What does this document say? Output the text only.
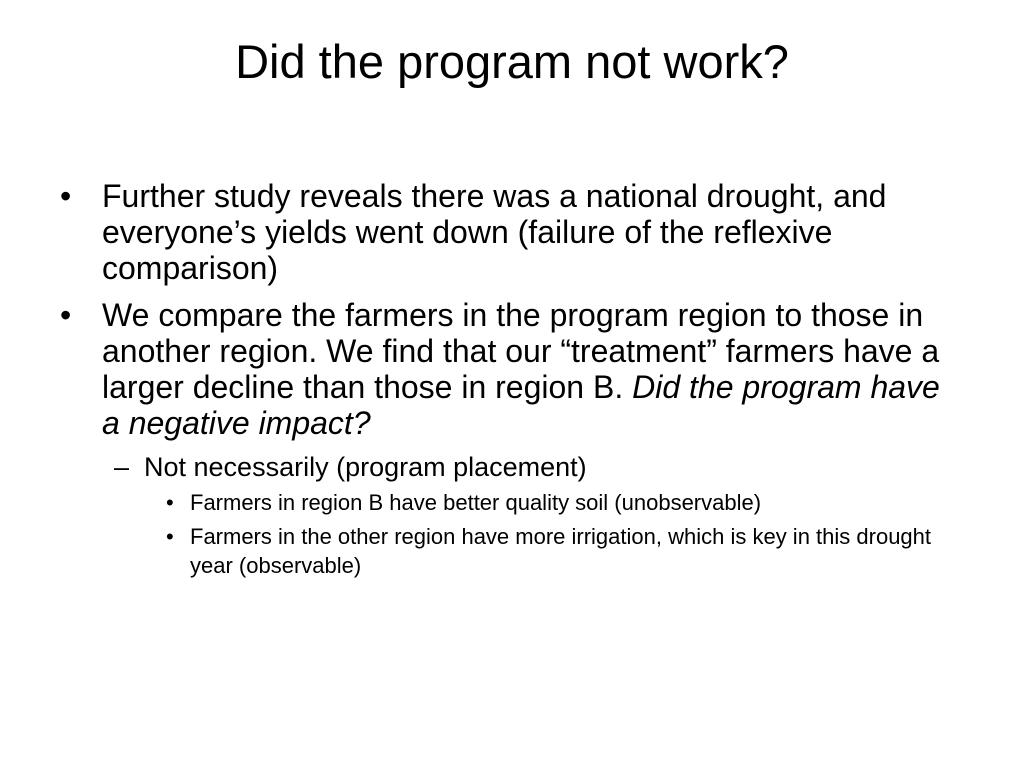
Did the program not work?
• Further study reveals there was a national drought, and everyone’s yields went down (failure of the reflexive comparison)
• We compare the farmers in the program region to those in another region. We find that our “treatment” farmers have a larger decline than those in region B. Did the program have a negative impact?
– Not necessarily (program placement)
• Farmers in region B have better quality soil (unobservable)
• Farmers in the other region have more irrigation, which is key in this drought year (observable)
